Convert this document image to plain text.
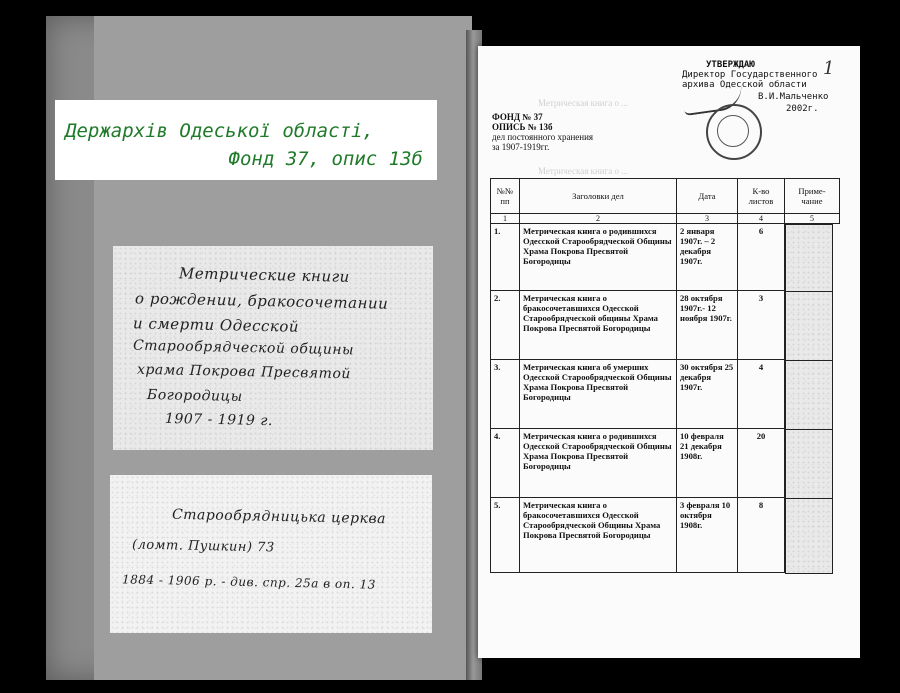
Держархів Одеської області,
Фонд 37, опис 13б
Метрические книги
о рождении, бракосочетании
и смерти Одесской
Старообрядческой общины
храма Покрова Пресвятой
Богородицы
1907 - 1919 г.
Старообрядницька церква
(ломт. Пушкин) 73
1884 - 1906 р. - див. спр. 25а в оп. 13
Метрическая книга о ...
Метрическая книга о ...
1
УТВЕРЖДАЮ
Директор Государственного
архива Одесской области
В.И.Мальченко
2002г.
ФОНД № 37
ОПИСЬ № 13б
дел постоянного хранения
за 1907-1919гг.
№№ пп	Заголовки дел	Дата	К-во листов	Приме-чание
1	2	3	4	5
1.	Метрическая книга о родившихся Одесской Старообрядческой Общины Храма Покрова Пресвятой Богородицы	2 января 1907г. – 2 декабря 1907г.	6	

2.	Метрическая книга о бракосочетавшихся Одесской Старообрядческой общины Храма Покрова Пресвятой Богородицы	28 октября 1907г.- 12 ноября 1907г.	3	

3.	Метрическая книга об умерших Одесской Старообрядческой Общины Храма Покрова Пресвятой Богородицы	30 октября 25 декабря 1907г.	4	

4.	Метрическая книга о родившихся Одесской Старообрядческой Общины Храма Покрова Пресвятой Богородицы	10 февраля 21 декабря 1908г.	20	

5.	Метрическая книга о бракосочетавшихся Одесской Старообрядческой Общины Храма Покрова Пресвятой Богородицы	3 февраля 10 октября 1908г.	8	
